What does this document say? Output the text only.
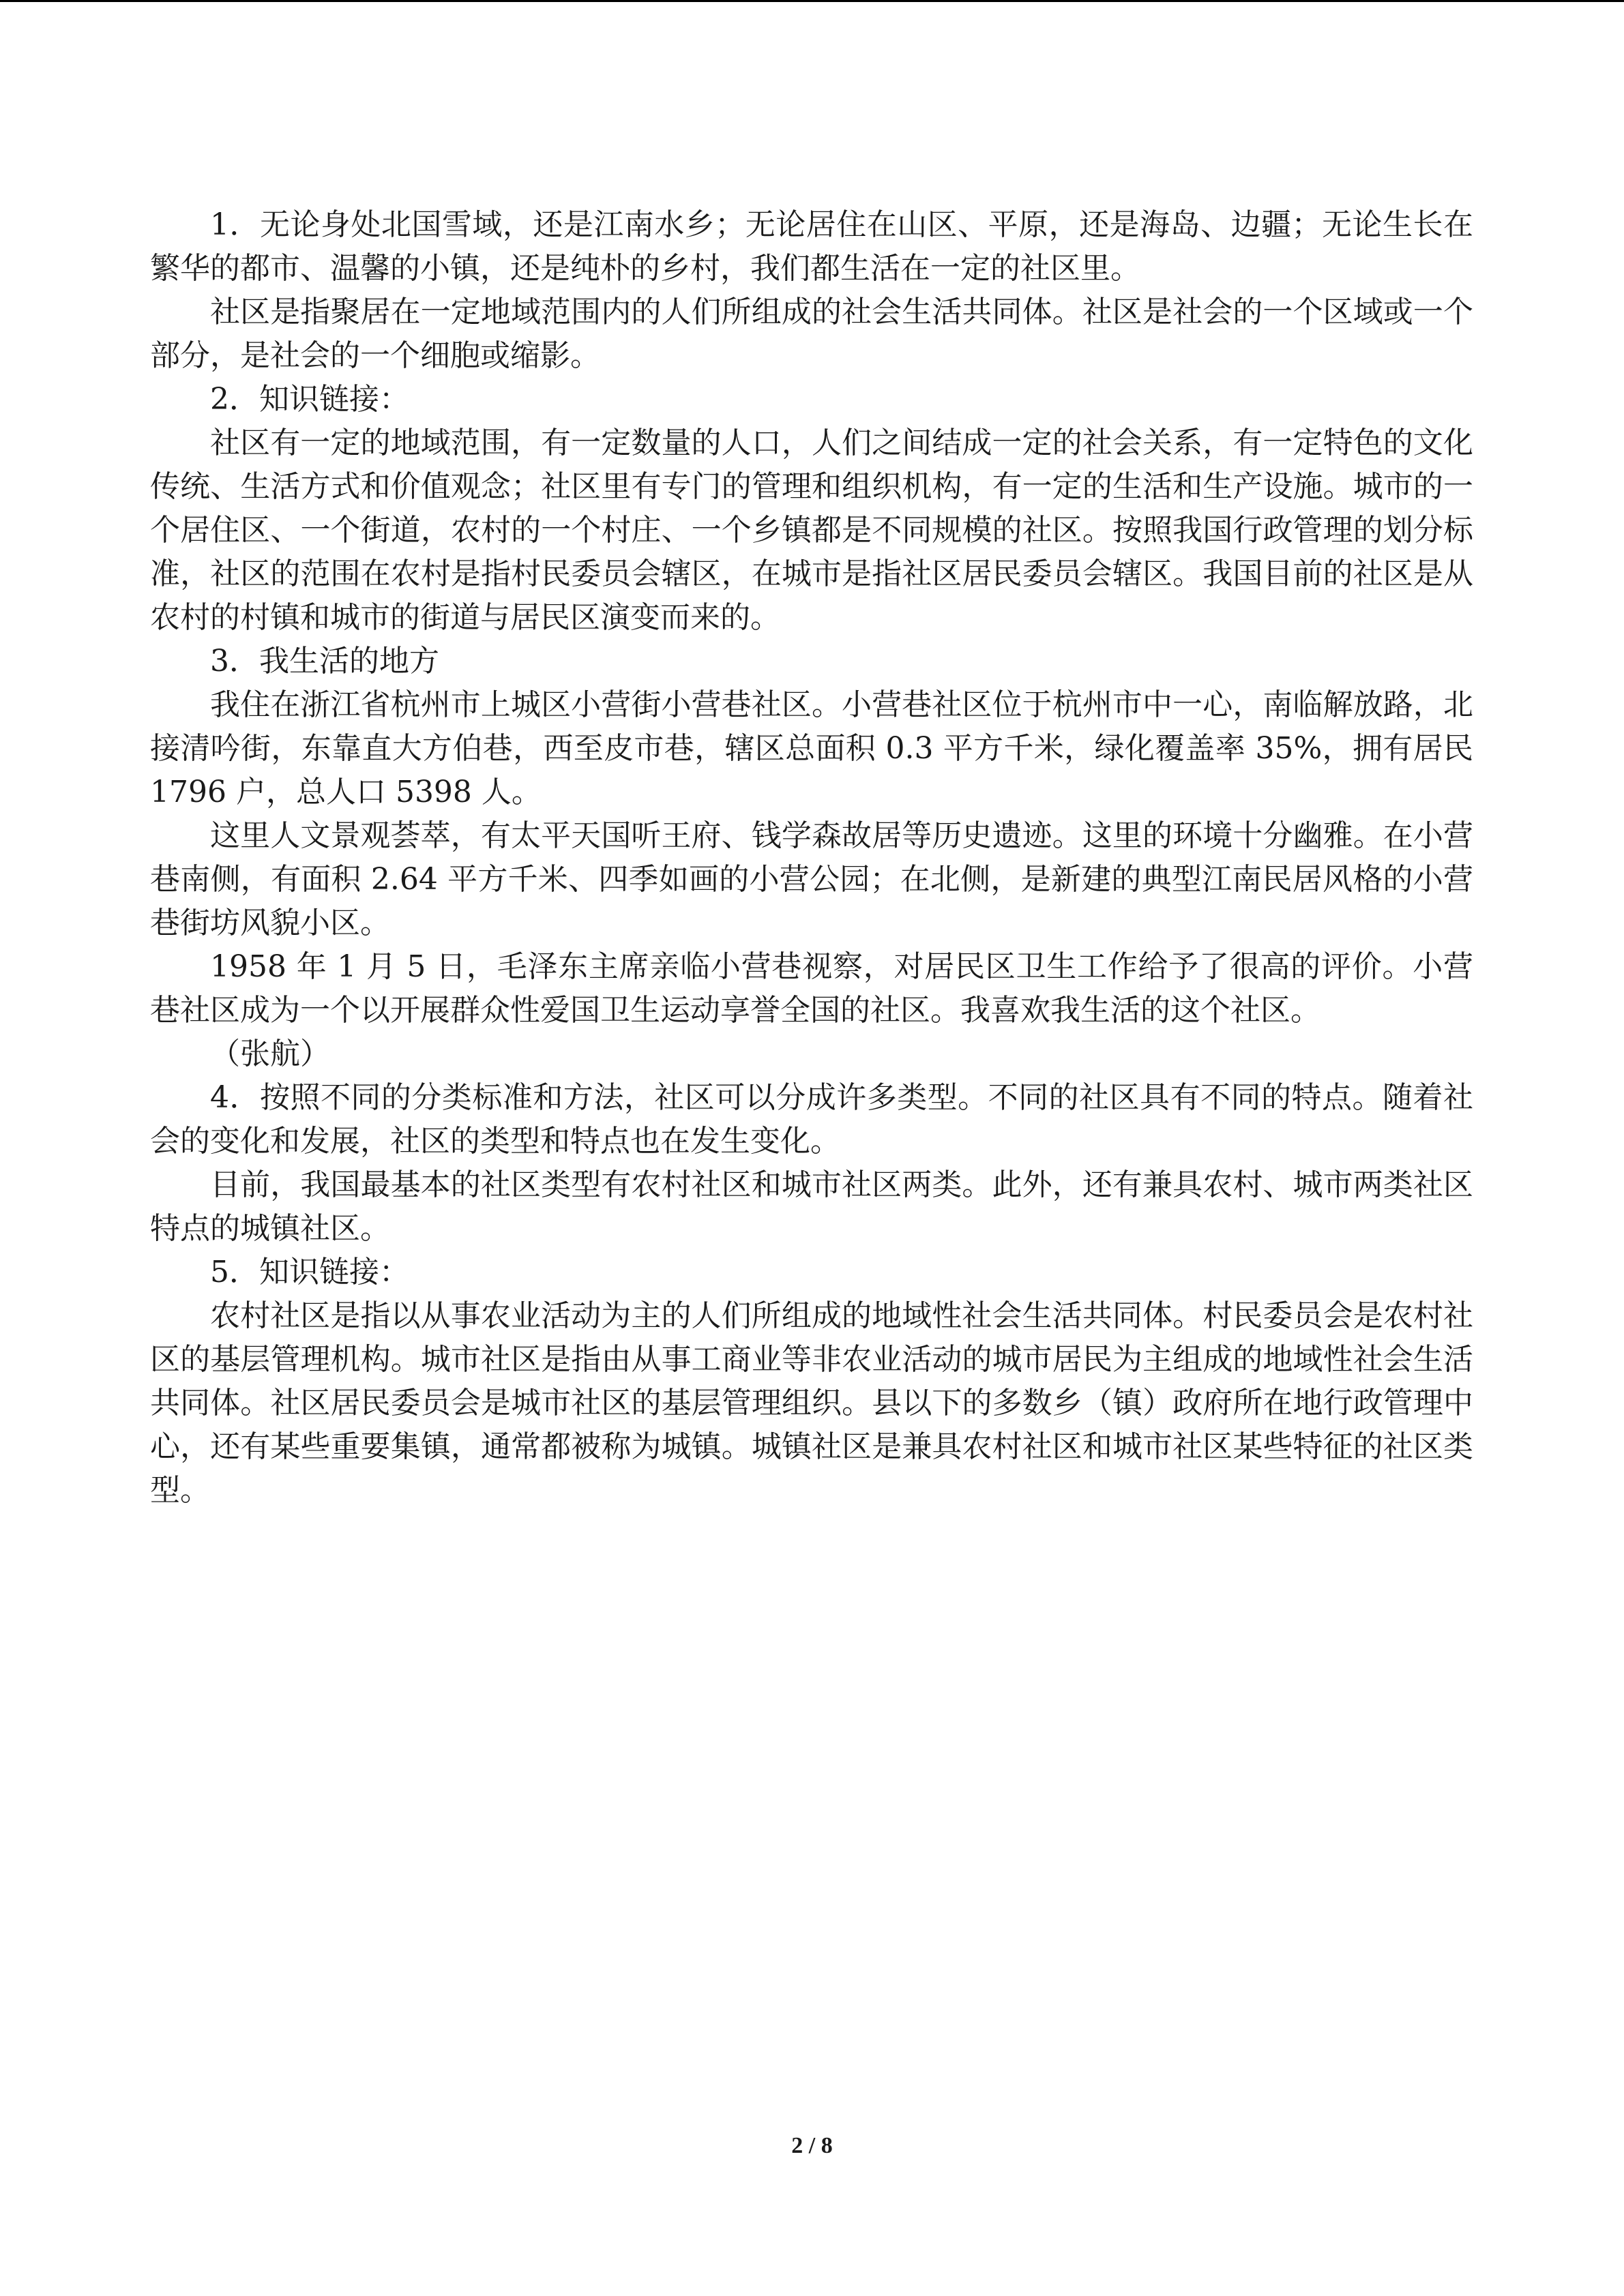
1．无论身处北国雪域，还是江南水乡；无论居住在山区、平原，还是海岛、边疆；无论生长在繁华的都市、温馨的小镇，还是纯朴的乡村，我们都生活在一定的社区里。

社区是指聚居在一定地域范围内的人们所组成的社会生活共同体。社区是社会的一个区域或一个部分，是社会的一个细胞或缩影。

2．知识链接：

社区有一定的地域范围，有一定数量的人口，人们之间结成一定的社会关系，有一定特色的文化传统、生活方式和价值观念；社区里有专门的管理和组织机构，有一定的生活和生产设施。城市的一个居住区、一个街道，农村的一个村庄、一个乡镇都是不同规模的社区。按照我国行政管理的划分标准，社区的范围在农村是指村民委员会辖区，在城市是指社区居民委员会辖区。我国目前的社区是从农村的村镇和城市的街道与居民区演变而来的。

3．我生活的地方

我住在浙江省杭州市上城区小营街小营巷社区。小营巷社区位于杭州市中一心，南临解放路，北接清吟街，东靠直大方伯巷，西至皮市巷，辖区总面积 0.3 平方千米，绿化覆盖率 35%，拥有居民 1796 户，总人口 5398 人。

这里人文景观荟萃，有太平天国听王府、钱学森故居等历史遗迹。这里的环境十分幽雅。在小营巷南侧，有面积 2.64 平方千米、四季如画的小营公园；在北侧，是新建的典型江南民居风格的小营巷街坊风貌小区。

1958 年 1 月 5 日，毛泽东主席亲临小营巷视察，对居民区卫生工作给予了很高的评价。小营巷社区成为一个以开展群众性爱国卫生运动享誉全国的社区。我喜欢我生活的这个社区。

（张航）

4．按照不同的分类标准和方法，社区可以分成许多类型。不同的社区具有不同的特点。随着社会的变化和发展，社区的类型和特点也在发生变化。

目前，我国最基本的社区类型有农村社区和城市社区两类。此外，还有兼具农村、城市两类社区特点的城镇社区。

5．知识链接：

农村社区是指以从事农业活动为主的人们所组成的地域性社会生活共同体。村民委员会是农村社区的基层管理机构。城市社区是指由从事工商业等非农业活动的城市居民为主组成的地域性社会生活共同体。社区居民委员会是城市社区的基层管理组织。县以下的多数乡（镇）政府所在地行政管理中心，还有某些重要集镇，通常都被称为城镇。城镇社区是兼具农村社区和城市社区某些特征的社区类型。

2 / 8
